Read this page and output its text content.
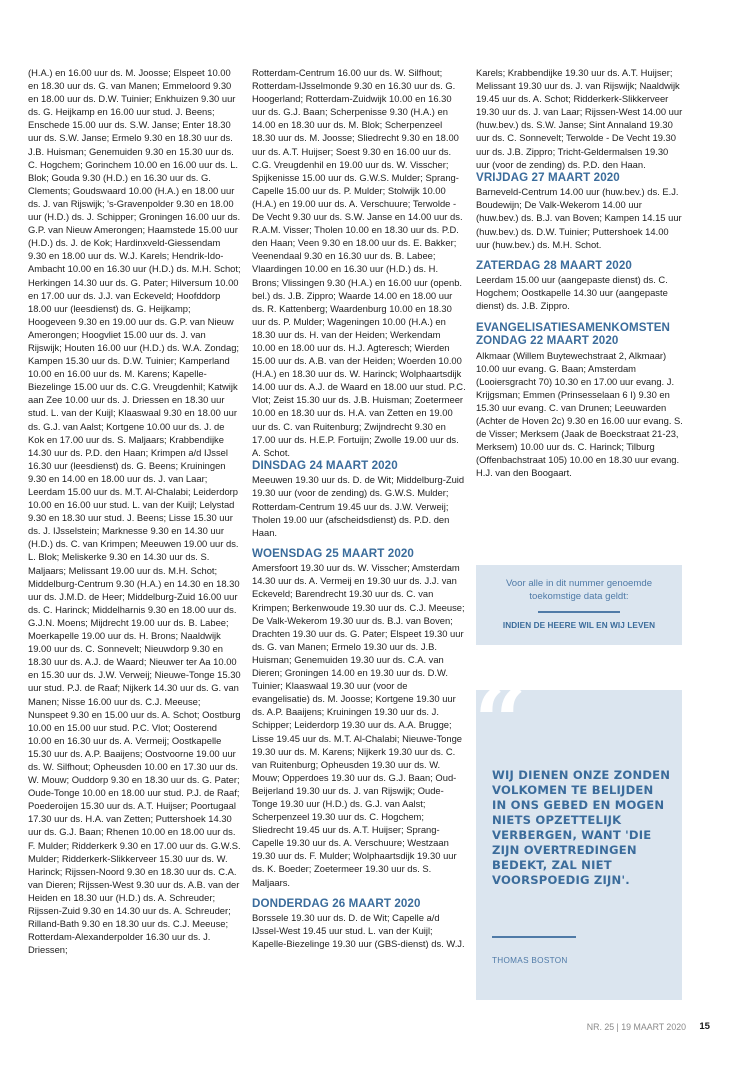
(H.A.) en 16.00 uur ds. M. Joosse; Elspeet 10.00 en 18.30 uur ds. G. van Manen; Emmeloord 9.30 en 18.00 uur ds. D.W. Tuinier; Enkhuizen 9.30 uur ds. G. Heijkamp en 16.00 uur stud. J. Beens; Enschede 15.00 uur ds. S.W. Janse; Enter 18.30 uur ds. S.W. Janse; Ermelo 9.30 en 18.30 uur ds. J.B. Huisman; Genemuiden 9.30 en 15.30 uur ds. C. Hogchem; Gorinchem 10.00 en 16.00 uur ds. L. Blok; Gouda 9.30 (H.D.) en 16.30 uur ds. G. Clements; Goudswaard 10.00 (H.A.) en 18.00 uur ds. J. van Rijswijk; 's-Gravenpolder 9.30 en 18.00 uur (H.D.) ds. J. Schipper; Groningen 16.00 uur ds. G.P. van Nieuw Amerongen; Haamstede 15.00 uur (H.D.) ds. J. de Kok; Hardinxveld-Giessendam 9.30 en 18.00 uur ds. W.J. Karels; Hendrik-Ido-Ambacht 10.00 en 16.30 uur (H.D.) ds. M.H. Schot; Herkingen 14.30 uur ds. G. Pater; Hilversum 10.00 en 17.00 uur ds. J.J. van Eckeveld; Hoofddorp 18.00 uur (leesdienst) ds. G. Heijkamp; Hoogeveen 9.30 en 19.00 uur ds. G.P. van Nieuw Amerongen; Hoogvliet 15.00 uur ds. J. van Rijswijk; Houten 16.00 uur (H.D.) ds. W.A. Zondag; Kampen 15.30 uur ds. D.W. Tuinier; Kamperland 10.00 en 16.00 uur ds. M. Karens; Kapelle-Biezelinge 15.00 uur ds. C.G. Vreugdenhil; Katwijk aan Zee 10.00 uur ds. J. Driessen en 18.30 uur stud. L. van der Kuijl; Klaaswaal 9.30 en 18.00 uur ds. G.J. van Aalst; Kortgene 10.00 uur ds. J. de Kok en 17.00 uur ds. S. Maljaars; Krabbendijke 14.30 uur ds. P.D. den Haan; Krimpen a/d IJssel 16.30 uur (leesdienst) ds. G. Beens; Kruiningen 9.30 en 14.00 en 18.00 uur ds. J. van Laar; Leerdam 15.00 uur ds. M.T. Al-Chalabi; Leiderdorp 10.00 en 16.00 uur stud. L. van der Kuijl; Lelystad 9.30 en 18.30 uur stud. J. Beens; Lisse 15.30 uur ds. J. IJsselstein; Marknesse 9.30 en 14.30 uur (H.D.) ds. C. van Krimpen; Meeuwen 19.00 uur ds. L. Blok; Meliskerke 9.30 en 14.30 uur ds. S. Maljaars; Melissant 19.00 uur ds. M.H. Schot; Middelburg-Centrum 9.30 (H.A.) en 14.30 en 18.30 uur ds. J.M.D. de Heer; Middelburg-Zuid 16.00 uur ds. C. Harinck; Middelharnis 9.30 en 18.00 uur ds. G.J.N. Moens; Mijdrecht 19.00 uur ds. B. Labee; Moerkapelle 19.00 uur ds. H. Brons; Naaldwijk 19.00 uur ds. C. Sonnevelt; Nieuwdorp 9.30 en 18.30 uur ds. A.J. de Waard; Nieuwer ter Aa 10.00 en 15.30 uur ds. J.W. Verweij; Nieuwe-Tonge 15.30 uur stud. P.J. de Raaf; Nijkerk 14.30 uur ds. G. van Manen; Nisse 16.00 uur ds. C.J. Meeuse; Nunspeet 9.30 en 15.00 uur ds. A. Schot; Oostburg 10.00 en 15.00 uur stud. P.C. Vlot; Oosterend 10.00 en 16.30 uur ds. A. Vermeij; Oostkapelle 15.30 uur ds. A.P. Baaijens; Oostvoorne 19.00 uur ds. W. Silfhout; Opheusden 10.00 en 17.30 uur ds. W. Mouw; Ouddorp 9.30 en 18.30 uur ds. G. Pater; Oude-Tonge 10.00 en 18.00 uur stud. P.J. de Raaf; Poederoijen 15.30 uur ds. A.T. Huijser; Poortugaal 17.30 uur ds. H.A. van Zetten; Puttershoek 14.30 uur ds. G.J. Baan; Rhenen 10.00 en 18.00 uur ds. F. Mulder; Ridderkerk 9.30 en 17.00 uur ds. G.W.S. Mulder; Ridderkerk-Slikkerveer 15.30 uur ds. W. Harinck; Rijssen-Noord 9.30 en 18.30 uur ds. C.A. van Dieren; Rijssen-West 9.30 uur ds. A.B. van der Heiden en 18.30 uur (H.D.) ds. A. Schreuder; Rijssen-Zuid 9.30 en 14.30 uur ds. A. Schreuder; Rilland-Bath 9.30 en 18.30 uur ds. C.J. Meeuse; Rotterdam-Alexanderpolder 16.30 uur ds. J. Driessen;

Rotterdam-Centrum 16.00 uur ds. W. Silfhout; Rotterdam-IJsselmonde 9.30 en 16.30 uur ds. G. Hoogerland; Rotterdam-Zuidwijk 10.00 en 16.30 uur ds. G.J. Baan; Scherpenisse 9.30 (H.A.) en 14.00 en 18.30 uur ds. M. Blok; Scherpenzeel 18.30 uur ds. M. Joosse; Sliedrecht 9.30 en 18.00 uur ds. A.T. Huijser; Soest 9.30 en 16.00 uur ds. C.G. Vreugdenhil en 19.00 uur ds. W. Visscher; Spijkenisse 15.00 uur ds. G.W.S. Mulder; Sprang-Capelle 15.00 uur ds. P. Mulder; Stolwijk 10.00 (H.A.) en 19.00 uur ds. A. Verschuure; Terwolde - De Vecht 9.30 uur ds. S.W. Janse en 14.00 uur ds. R.A.M. Visser; Tholen 10.00 en 18.30 uur ds. P.D. den Haan; Veen 9.30 en 18.00 uur ds. E. Bakker; Veenendaal 9.30 en 16.30 uur ds. B. Labee; Vlaardingen 10.00 en 16.30 uur (H.D.) ds. H. Brons; Vlissingen 9.30 (H.A.) en 16.00 uur (openb. bel.) ds. J.B. Zippro; Waarde 14.00 en 18.00 uur ds. R. Kattenberg; Waardenburg 10.00 en 18.30 uur ds. P. Mulder; Wageningen 10.00 (H.A.) en 18.30 uur ds. H. van der Heiden; Werkendam 10.00 en 18.00 uur ds. H.J. Agteresch; Wierden 15.00 uur ds. A.B. van der Heiden; Woerden 10.00 (H.A.) en 18.30 uur ds. W. Harinck; Wolphaartsdijk 14.00 uur ds. A.J. de Waard en 18.00 uur stud. P.C. Vlot; Zeist 15.30 uur ds. J.B. Huisman; Zoetermeer 10.00 en 18.30 uur ds. H.A. van Zetten en 19.00 uur ds. C. van Ruitenburg; Zwijndrecht 9.30 en 17.00 uur ds. H.E.P. Fortuijn; Zwolle 19.00 uur ds. A. Schot.

DINSDAG 24 MAART 2020

Meeuwen 19.30 uur ds. D. de Wit; Middelburg-Zuid 19.30 uur (voor de zending) ds. G.W.S. Mulder; Rotterdam-Centrum 19.45 uur ds. J.W. Verweij; Tholen 19.00 uur (afscheidsdienst) ds. P.D. den Haan.

WOENSDAG 25 MAART 2020

Amersfoort 19.30 uur ds. W. Visscher; Amsterdam 14.30 uur ds. A. Vermeij en 19.30 uur ds. J.J. van Eckeveld; Barendrecht 19.30 uur ds. C. van Krimpen; Berkenwoude 19.30 uur ds. C.J. Meeuse; De Valk-Wekerom 19.30 uur ds. B.J. van Boven; Drachten 19.30 uur ds. G. Pater; Elspeet 19.30 uur ds. G. van Manen; Ermelo 19.30 uur ds. J.B. Huisman; Genemuiden 19.30 uur ds. C.A. van Dieren; Groningen 14.00 en 19.30 uur ds. D.W. Tuinier; Klaaswaal 19.30 uur (voor de evangelisatie) ds. M. Joosse; Kortgene 19.30 uur ds. A.P. Baaijens; Kruiningen 19.30 uur ds. J. Schipper; Leiderdorp 19.30 uur ds. A.A. Brugge; Lisse 19.45 uur ds. M.T. Al-Chalabi; Nieuwe-Tonge 19.30 uur ds. M. Karens; Nijkerk 19.30 uur ds. C. van Ruitenburg; Opheusden 19.30 uur ds. W. Mouw; Opperdoes 19.30 uur ds. G.J. Baan; Oud-Beijerland 19.30 uur ds. J. van Rijswijk; Oude-Tonge 19.30 uur (H.D.) ds. G.J. van Aalst; Scherpenzeel 19.30 uur ds. C. Hogchem; Sliedrecht 19.45 uur ds. A.T. Huijser; Sprang-Capelle 19.30 uur ds. A. Verschuure; Westzaan 19.30 uur ds. F. Mulder; Wolphaartsdijk 19.30 uur ds. K. Boeder; Zoetermeer 19.30 uur ds. S. Maljaars.

DONDERDAG 26 MAART 2020

Borssele 19.30 uur ds. D. de Wit; Capelle a/d IJssel-West 19.45 uur stud. L. van der Kuijl; Kapelle-Biezelinge 19.30 uur (GBS-dienst) ds. W.J.

Karels; Krabbendijke 19.30 uur ds. A.T. Huijser; Melissant 19.30 uur ds. J. van Rijswijk; Naaldwijk 19.45 uur ds. A. Schot; Ridderkerk-Slikkerveer 19.30 uur ds. J. van Laar; Rijssen-West 14.00 uur (huw.bev.) ds. S.W. Janse; Sint Annaland 19.30 uur ds. C. Sonnevelt; Terwolde - De Vecht 19.30 uur ds. J.B. Zippro; Tricht-Geldermalsen 19.30 uur (voor de zending) ds. P.D. den Haan.

VRIJDAG 27 MAART 2020

Barneveld-Centrum 14.00 uur (huw.bev.) ds. E.J. Boudewijn; De Valk-Wekerom 14.00 uur (huw.bev.) ds. B.J. van Boven; Kampen 14.15 uur (huw.bev.) ds. D.W. Tuinier; Puttershoek 14.00 uur (huw.bev.) ds. M.H. Schot.

ZATERDAG 28 MAART 2020

Leerdam 15.00 uur (aangepaste dienst) ds. C. Hogchem; Oostkapelle 14.30 uur (aangepaste dienst) ds. J.B. Zippro.

EVANGELISATIESAMENKOMSTEN ZONDAG 22 MAART 2020

Alkmaar (Willem Buytewechstraat 2, Alkmaar) 10.00 uur evang. G. Baan; Amsterdam (Looiersgracht 70) 10.30 en 17.00 uur evang. J. Krijgsman; Emmen (Prinsesselaan 6 I) 9.30 en 15.30 uur evang. C. van Drunen; Leeuwarden (Achter de Hoven 2c) 9.30 en 16.00 uur evang. S. de Visser; Merksem (Jaak de Boeckstraat 21-23, Merksem) 10.00 uur ds. C. Harinck; Tilburg (Offenbachstraat 105) 10.00 en 18.30 uur evang. H.J. van den Boogaart.

Voor alle in dit nummer genoemde toekomstige data geldt:
INDIEN DE HEERE WIL EN WIJ LEVEN
“
WIJ DIENEN ONZE ZONDEN VOLKOMEN TE BELIJDEN IN ONS GEBED EN MOGEN NIETS OPZETTELIJK VERBERGEN, WANT 'DIE ZIJN OVERTREDINGEN BEDEKT, ZAL NIET VOORSPOEDIG ZIJN'.
THOMAS BOSTON
NR. 25 | 19 MAART 2020 15
